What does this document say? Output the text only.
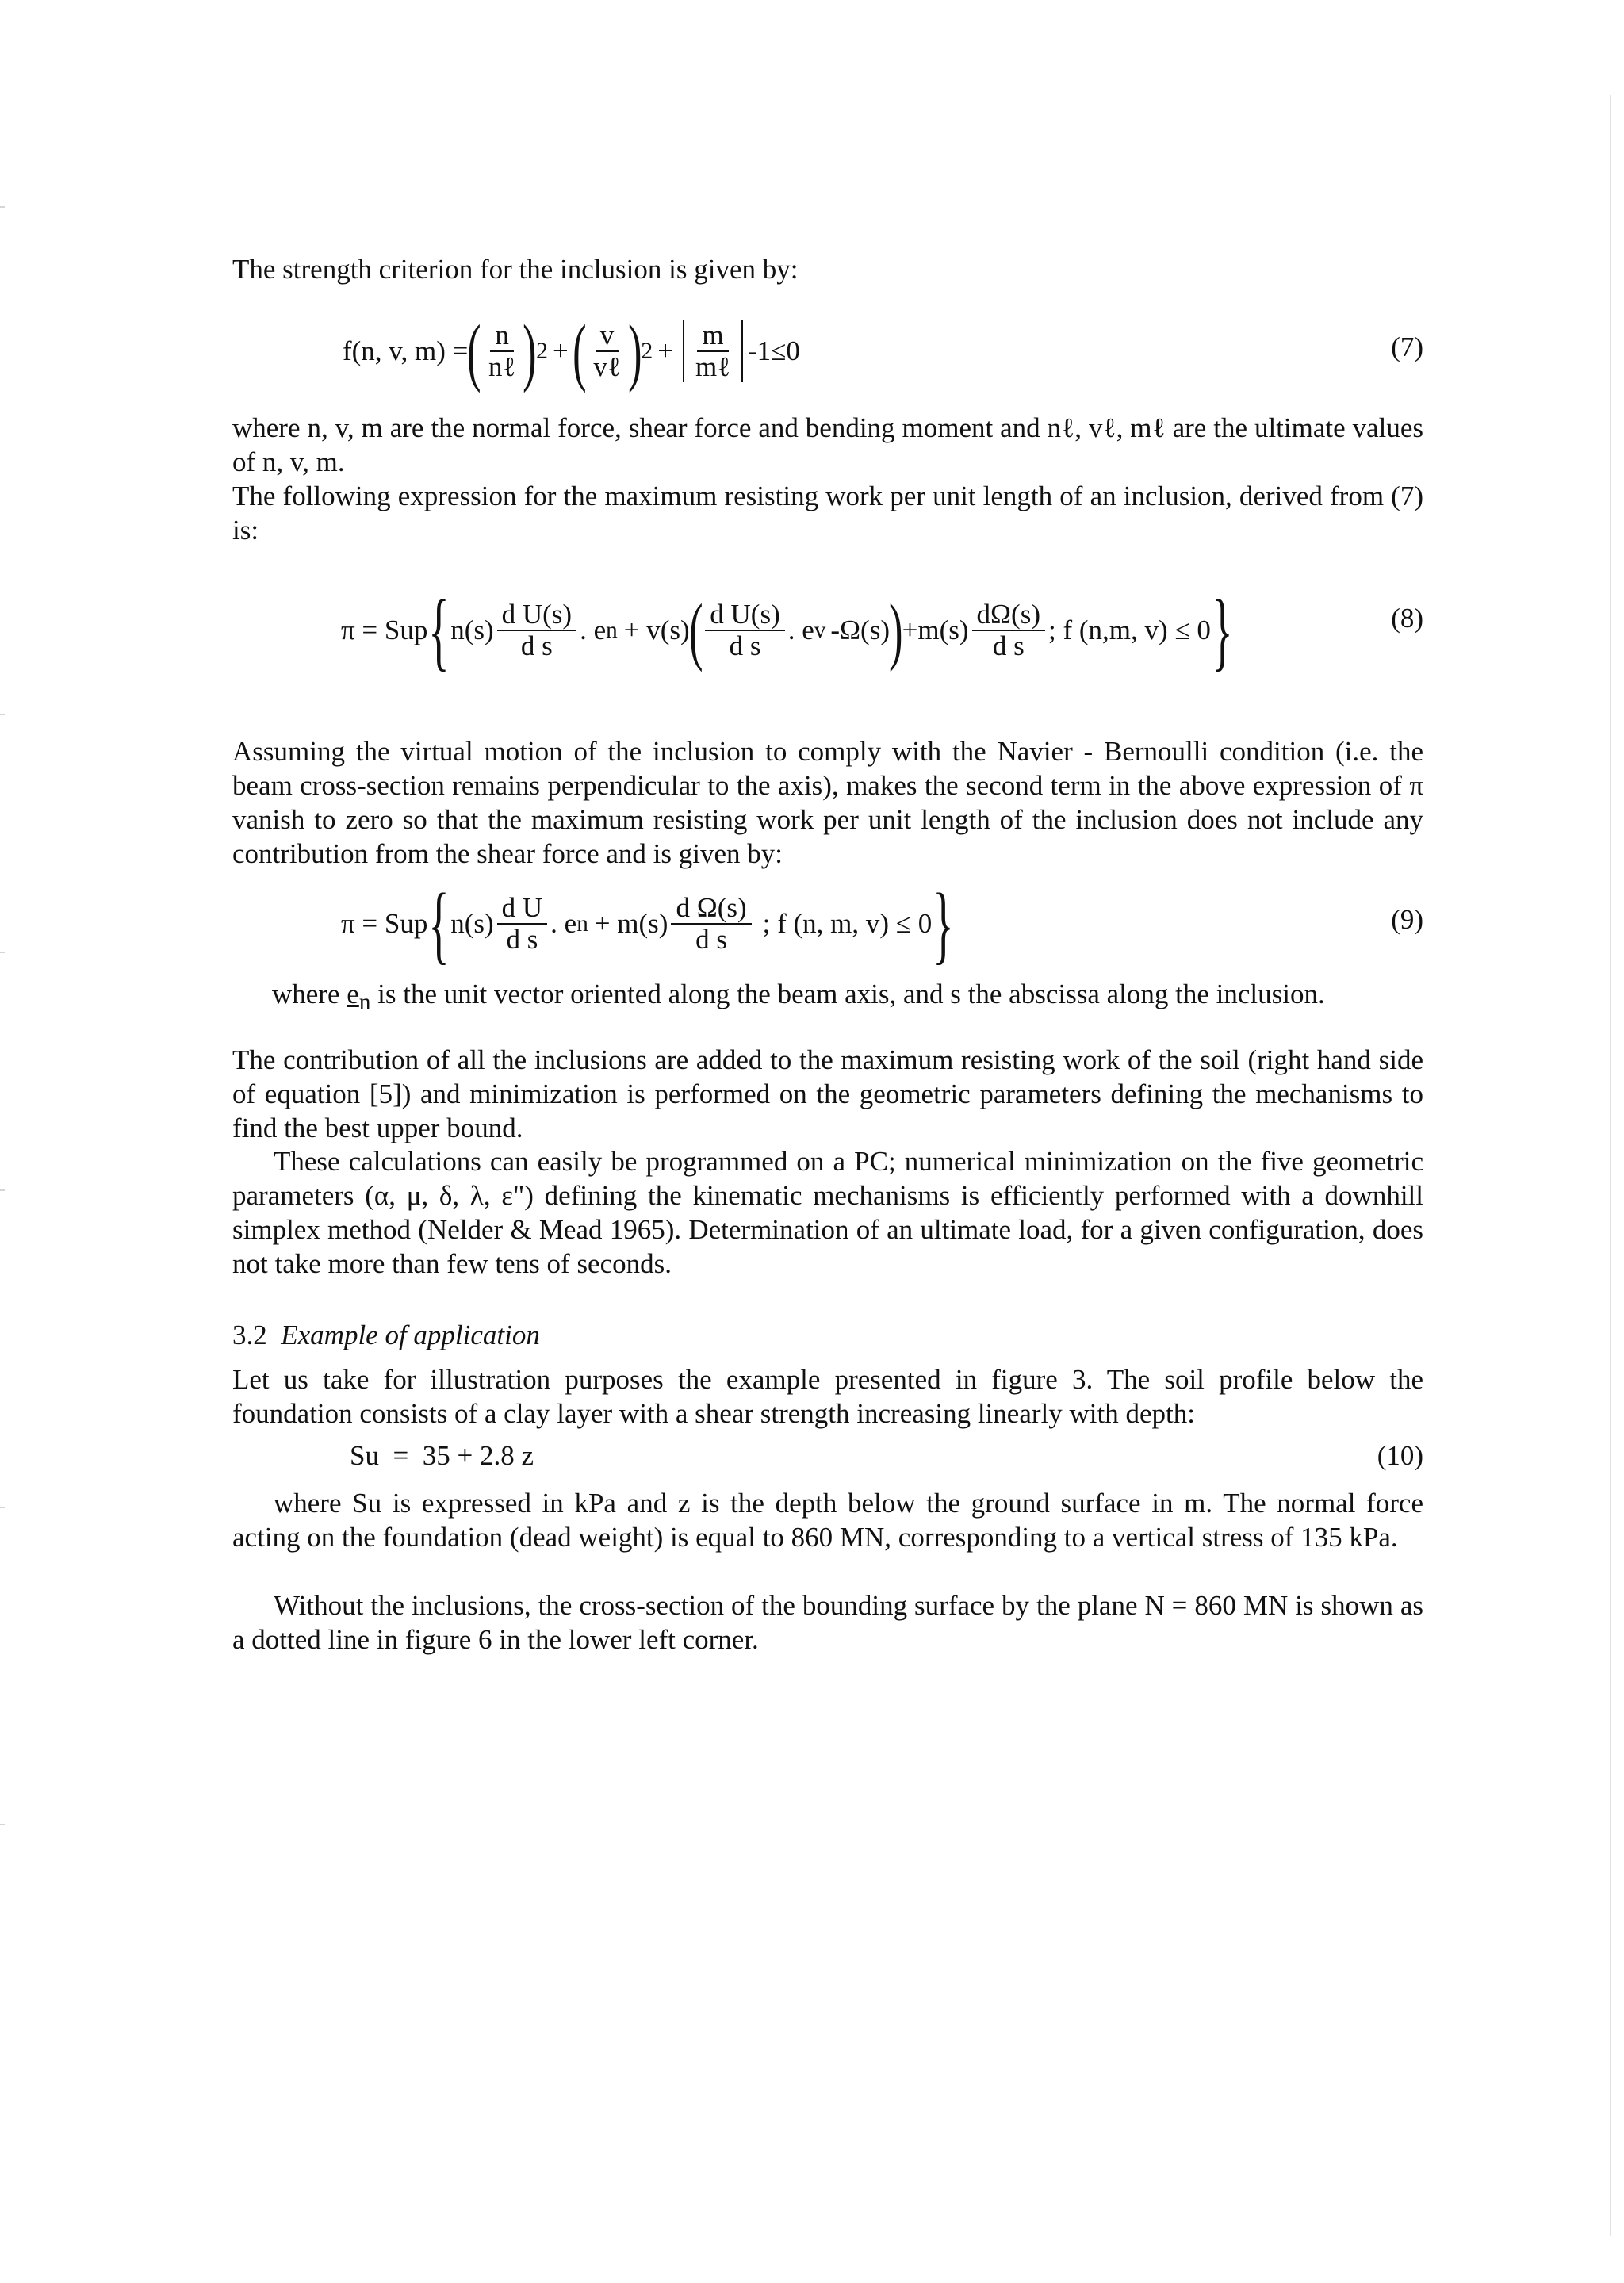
The strength criterion for the inclusion is given by:
f(n, v, m) = ( $\frac{n}{\text{nℓ}}$ ) 2 + ( $\frac{v}{\text{vℓ}}$ ) $2 + \frac{m}{\text{mℓ}} -1\le 0$	(7)
where n, v, m are the normal force, shear force and bending moment and nℓ, vℓ, mℓ are the ultimate values of n, v, m.
The following expression for the maximum resisting work per unit length of an inclusion, derived from (7) is:
π = Sup { $n(s) \frac{\text{d U(s)}}{\text{d s}}$ . e n + v(s) ( $\frac{\text{d U(s)}}{\text{d s}}$ . e v -Ω(s) ) $+m(s) \frac{d\Omega(s)}{\text{d s}}$ ; f (n,m, v) ≤ 0 }	(8)
Assuming the virtual motion of the inclusion to comply with the Navier - Bernoulli condition (i.e. the beam cross-section remains perpendicular to the axis), makes the second term in the above expression of π vanish to zero so that the maximum resisting work per unit length of the inclusion does not include any contribution from the shear force and is given by:
π = Sup { $n(s) \frac{\text{d U}}{\text{d s}}$ . e $n + m(s) \frac{\text{d Ω(s)}}{\text{d s}}$ ; f (n, m, v) ≤ 0 }	(9)
where $e_n$ is the unit vector oriented along the beam axis, and s the abscissa along the inclusion.
The contribution of all the inclusions are added to the maximum resisting work of the soil (right hand side of equation [5]) and minimization is performed on the geometric parameters defining the mechanisms to find the best upper bound.
These calculations can easily be programmed on a PC; numerical minimization on the five geometric parameters (α, μ, δ, λ, ε") defining the kinematic mechanisms is efficiently performed with a downhill simplex method (Nelder & Mead 1965). Determination of an ultimate load, for a given configuration, does not take more than few tens of seconds.
3.2 Example of application
Let us take for illustration purposes the example presented in figure 3. The soil profile below the foundation consists of a clay layer with a shear strength increasing linearly with depth:
Su  =  35 + 2.8 z	(10)
where Su is expressed in kPa and z is the depth below the ground surface in m. The normal force acting on the foundation (dead weight) is equal to 860 MN, corresponding to a vertical stress of 135 kPa.
Without the inclusions, the cross-section of the bounding surface by the plane N = 860 MN is shown as a dotted line in figure 6 in the lower left corner.
